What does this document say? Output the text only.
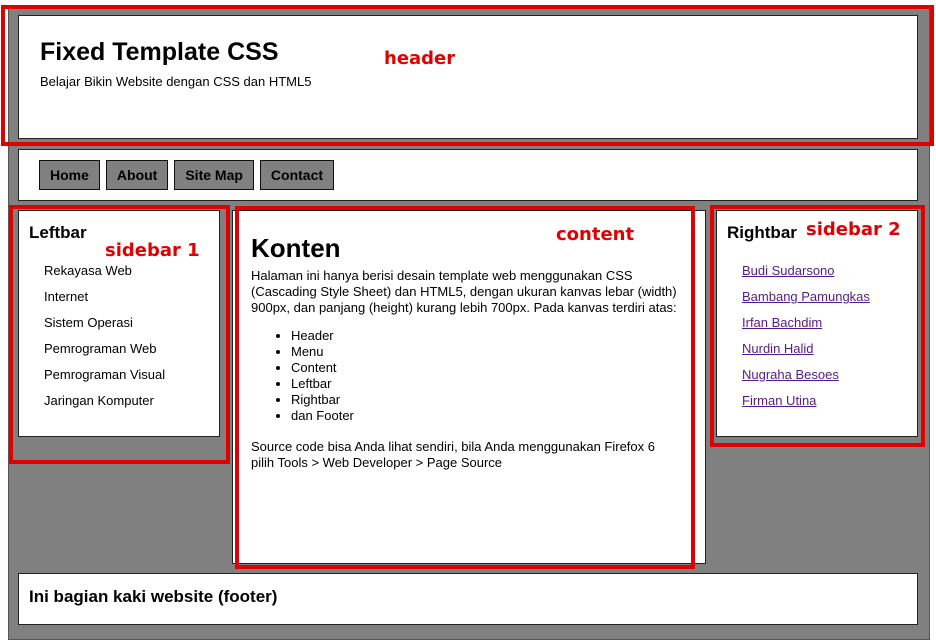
Fixed Template CSS

Belajar Bikin Website dengan CSS dan HTML5

Home	About	Site Map	Contact
Leftbar
Rekayasa Web
Internet
Sistem Operasi
Pemrograman Web
Pemrograman Visual
Jaringan Komputer
Konten

Halaman ini hanya berisi desain template web menggunakan CSS (Cascading Style Sheet) dan HTML5, dengan ukuran kanvas lebar (width) 900px, dan panjang (height) kurang lebih 700px. Pada kanvas terdiri atas:

• Header
• Menu
• Content
• Leftbar
• Rightbar
• dan Footer

Source code bisa Anda lihat sendiri, bila Anda menggunakan Firefox 6 pilih Tools > Web Developer > Page Source

Rightbar
Budi Sudarsono
Bambang Pamungkas
Irfan Bachdim
Nurdin Halid
Nugraha Besoes
Firman Utina

Ini bagian kaki website (footer)

header
sidebar 1
content	sidebar 2
